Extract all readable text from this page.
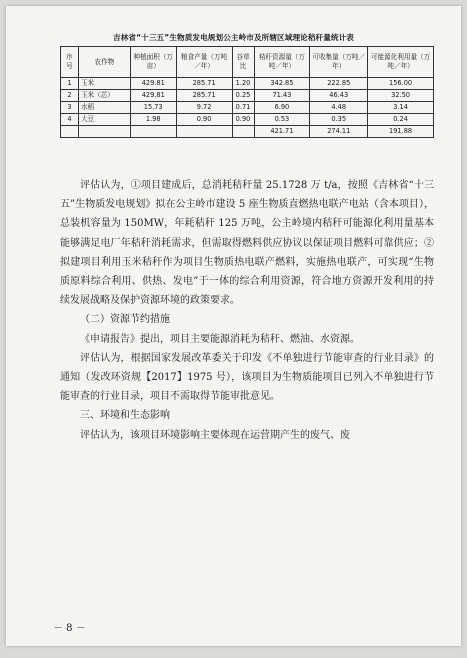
吉林省“十三五”生物质发电规划公主岭市及所辖区域理论秸秆量统计表
序号	农作物	种植面积（万亩）	粮食产量（万吨／年）	谷草比	秸秆资源量（万吨／年）	可收集量（万吨／年）	可能源化利用量（万吨／年）
1	玉米	429.81	285.71	1.20	342.85	222.85	156.00
2	玉米（芯）	429.81	285.71	0.25	71.43	46.43	32.50
3	水稻	15.73	9.72	0.71	6.90	4.48	3.14
4	大豆	1.98	0.90	0.90	0.53	0.35	0.24
					421.71	274.11	191.88

评估认为，①项目建成后，总消耗秸秆量 25.1728 万 t/a，按照《吉林省“十三五”生物质发电规划》拟在公主岭市建设 5 座生物质直燃热电联产电站（含本项目），总装机容量为 150MW，年耗秸秆 125 万吨，公主岭境内秸秆可能源化利用量基本能够满足电厂年秸秆消耗需求，但需取得燃料供应协议以保证项目燃料可靠供应；②拟建项目利用玉米秸秆作为项目生物质热电联产燃料，实施热电联产，可实现“生物质原料综合利用、供热、发电”于一体的综合利用资源，符合地方资源开发利用的持续发展战略及保护资源环境的政策要求。

（二）资源节约措施

《申请报告》提出，项目主要能源消耗为秸秆、燃油、水资源。

评估认为，根据国家发展改革委关于印发《不单独进行节能审查的行业目录》的通知（发改环资规【2017】1975 号），该项目为生物质能项目已列入不单独进行节能审查的行业目录，项目不需取得节能审批意见。

三、环境和生态影响

评估认为，该项目环境影响主要体现在运营期产生的废气、废

－ 8 －
